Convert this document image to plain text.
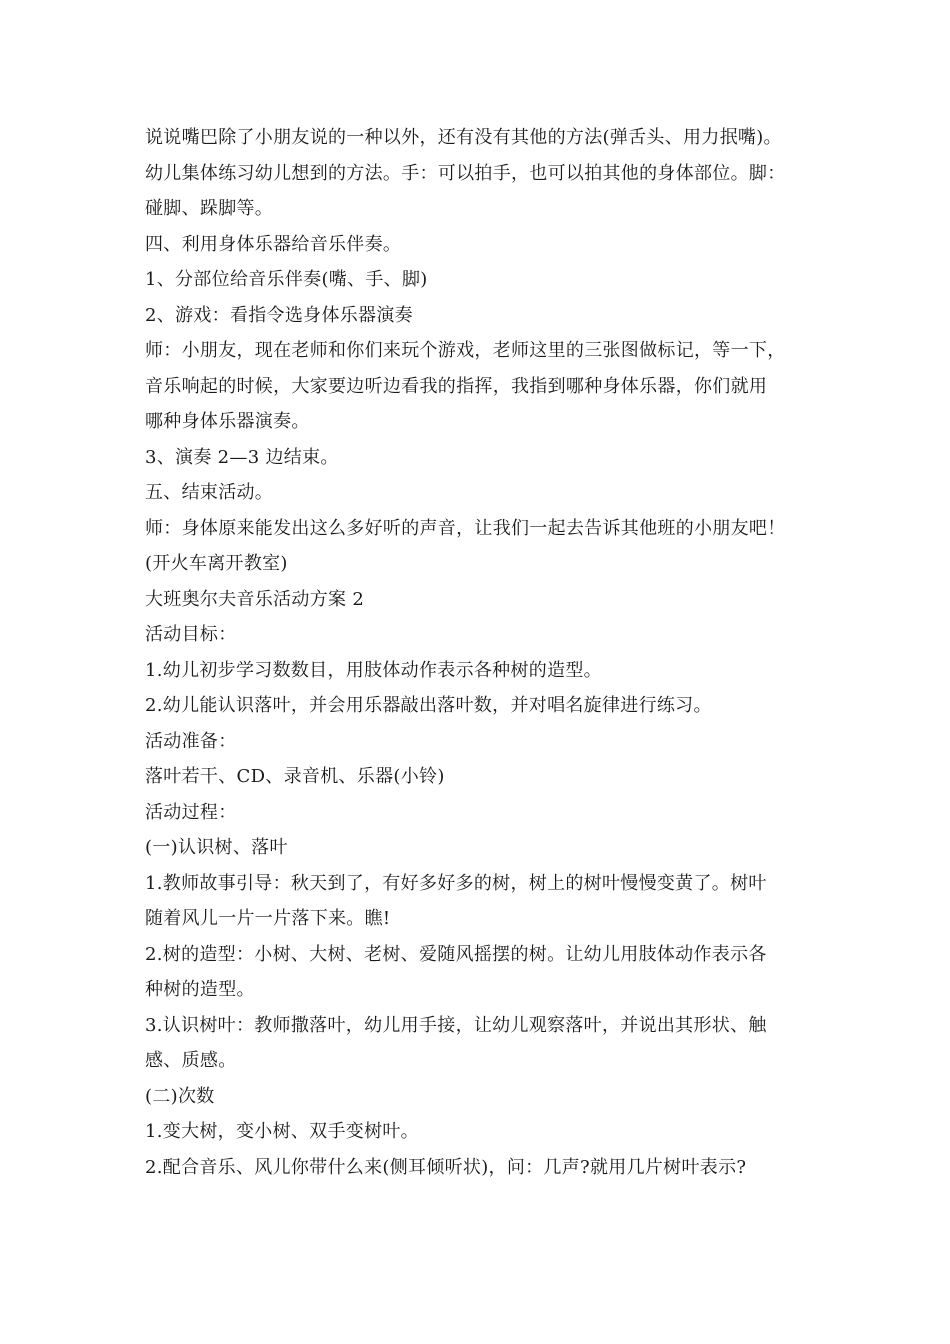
说说嘴巴除了小朋友说的一种以外，还有没有其他的方法(弹舌头、用力抿嘴)。
幼儿集体练习幼儿想到的方法。手：可以拍手，也可以拍其他的身体部位。脚：
碰脚、跺脚等。
四、利用身体乐器给音乐伴奏。
1、分部位给音乐伴奏(嘴、手、脚)
2、游戏：看指令选身体乐器演奏
师：小朋友，现在老师和你们来玩个游戏，老师这里的三张图做标记，等一下，
音乐响起的时候，大家要边听边看我的指挥，我指到哪种身体乐器，你们就用
哪种身体乐器演奏。
3、演奏 2—3 边结束。
五、结束活动。
师：身体原来能发出这么多好听的声音，让我们一起去告诉其他班的小朋友吧！
(开火车离开教室)
大班奥尔夫音乐活动方案 2
活动目标：
1.幼儿初步学习数数目，用肢体动作表示各种树的造型。
2.幼儿能认识落叶，并会用乐器敲出落叶数，并对唱名旋律进行练习。
活动准备：
落叶若干、CD、录音机、乐器(小铃)
活动过程：
(一)认识树、落叶
1.教师故事引导：秋天到了，有好多好多的树，树上的树叶慢慢变黄了。树叶
随着风儿一片一片落下来。瞧!
2.树的造型：小树、大树、老树、爱随风摇摆的树。让幼儿用肢体动作表示各
种树的造型。
3.认识树叶：教师撒落叶，幼儿用手接，让幼儿观察落叶，并说出其形状、触
感、质感。
(二)次数
1.变大树，变小树、双手变树叶。
2.配合音乐、风儿你带什么来(侧耳倾听状)，问：几声?就用几片树叶表示?
